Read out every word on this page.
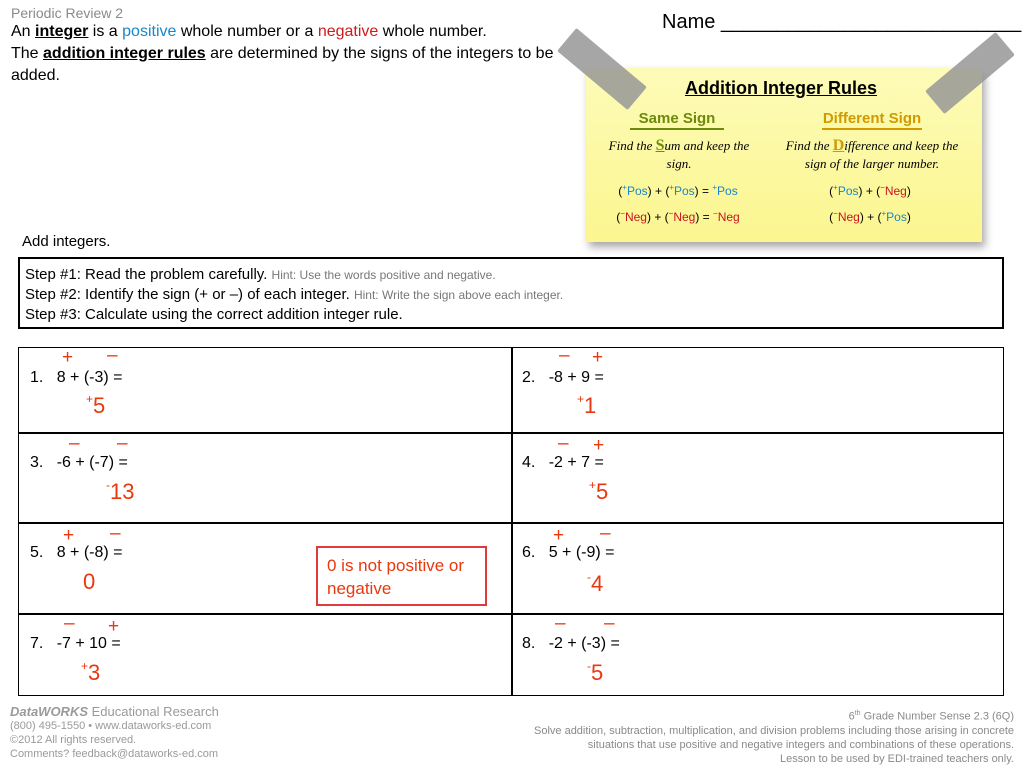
Periodic Review 2
An integer is a positive whole number or a negative whole number.
The addition integer rules are determined by the signs of the integers to be added.
Name ___________________________
Addition Integer Rules
Same Sign	Different Sign
Find the Sum and keep the sign.
Find the Difference and keep the sign of the larger number.
(+Pos) + (+Pos) = +Pos
(−Neg) + (−Neg) = −Neg
(+Pos) + (−Neg)
(−Neg) + (+Pos)
Add integers.
Step #1: Read the problem carefully. Hint: Use the words positive and negative.
Step #2: Identify the sign (+ or –) of each integer. Hint: Write the sign above each integer.
Step #3: Calculate using the correct addition integer rule.
+ –
1. 8 + (-3) =
+5
– +
2. -8 + 9 =
+1
– –
3. -6 + (-7) =
-13
– +
4. -2 + 7 =
+5
+ –
5. 8 + (-8) =
0
0 is not positive or negative
+ –
6. 5 + (-9) =
-4
– +
7. -7 + 10 =
+3
– –
8. -2 + (-3) =
-5
DataWORKS Educational Research
(800) 495-1550 • www.dataworks-ed.com
©2012 All rights reserved.
Comments? feedback@dataworks-ed.com
6th Grade Number Sense 2.3 (6Q)
Solve addition, subtraction, multiplication, and division problems including those arising in concrete
situations that use positive and negative integers and combinations of these operations.
Lesson to be used by EDI-trained teachers only.
